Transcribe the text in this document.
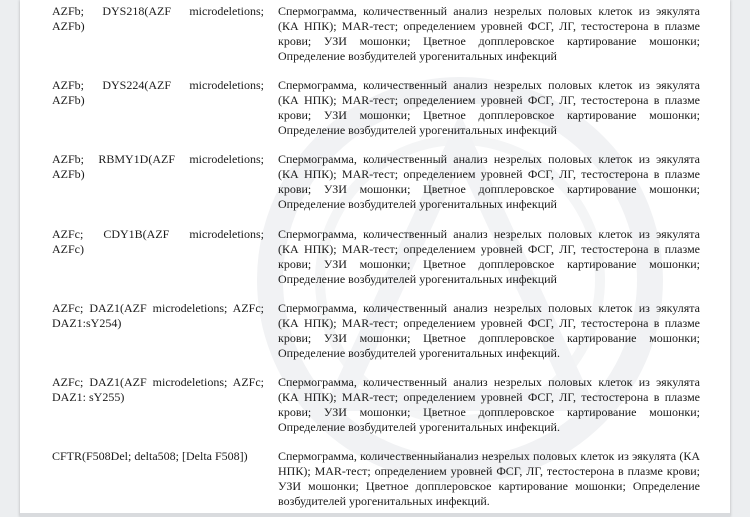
AZFb; DYS218(AZF microdeletions; AZFb)
Спермограмма, количественный анализ незрелых половых клеток из эякулята (КА НПК); MAR-тест; определением уровней ФСГ, ЛГ, тестостерона в плазме крови; УЗИ мошонки; Цветное допплеровское картирование мошонки; Определение возбудителей урогенитальных инфекций
AZFb; DYS224(AZF microdeletions; AZFb)
Спермограмма, количественный анализ незрелых половых клеток из эякулята (КА НПК); MAR-тест; определением уровней ФСГ, ЛГ, тестостерона в плазме крови; УЗИ мошонки; Цветное допплеровское картирование мошонки; Определение возбудителей урогенитальных инфекций
AZFb; RBMY1D(AZF microdeletions; AZFb)
Спермограмма, количественный анализ незрелых половых клеток из эякулята (КА НПК); MAR-тест; определением уровней ФСГ, ЛГ, тестостерона в плазме крови; УЗИ мошонки; Цветное допплеровское картирование мошонки; Определение возбудителей урогенитальных инфекций
AZFc; CDY1B(AZF microdeletions; AZFc)
Спермограмма, количественный анализ незрелых половых клеток из эякулята (КА НПК); MAR-тест; определением уровней ФСГ, ЛГ, тестостерона в плазме крови; УЗИ мошонки; Цветное допплеровское картирование мошонки; Определение возбудителей урогенитальных инфекций
AZFc; DAZ1(AZF microdeletions; AZFc; DAZ1:sY254)
Спермограмма, количественный анализ незрелых половых клеток из эякулята (КА НПК); MAR-тест; определением уровней ФСГ, ЛГ, тестостерона в плазме крови; УЗИ мошонки; Цветное допплеровское картирование мошонки; Определение возбудителей урогенитальных инфекций.
AZFc; DAZ1(AZF microdeletions; AZFc; DAZ1: sY255)
Спермограмма, количественный анализ незрелых половых клеток из эякулята (КА НПК); MAR-тест; определением уровней ФСГ, ЛГ, тестостерона в плазме крови; УЗИ мошонки; Цветное допплеровское картирование мошонки; Определение возбудителей урогенитальных инфекций.
CFTR(F508Del; delta508; [Delta F508])	Спермограмма, количественныйанализ незрелых половых клеток из эякулята (КА НПК); MAR-тест; определением уровней ФСГ, ЛГ, тестостерона в плазме крови; УЗИ мошонки; Цветное допплеровское картирование мошонки; Определение возбудителей урогенитальных инфекций.
